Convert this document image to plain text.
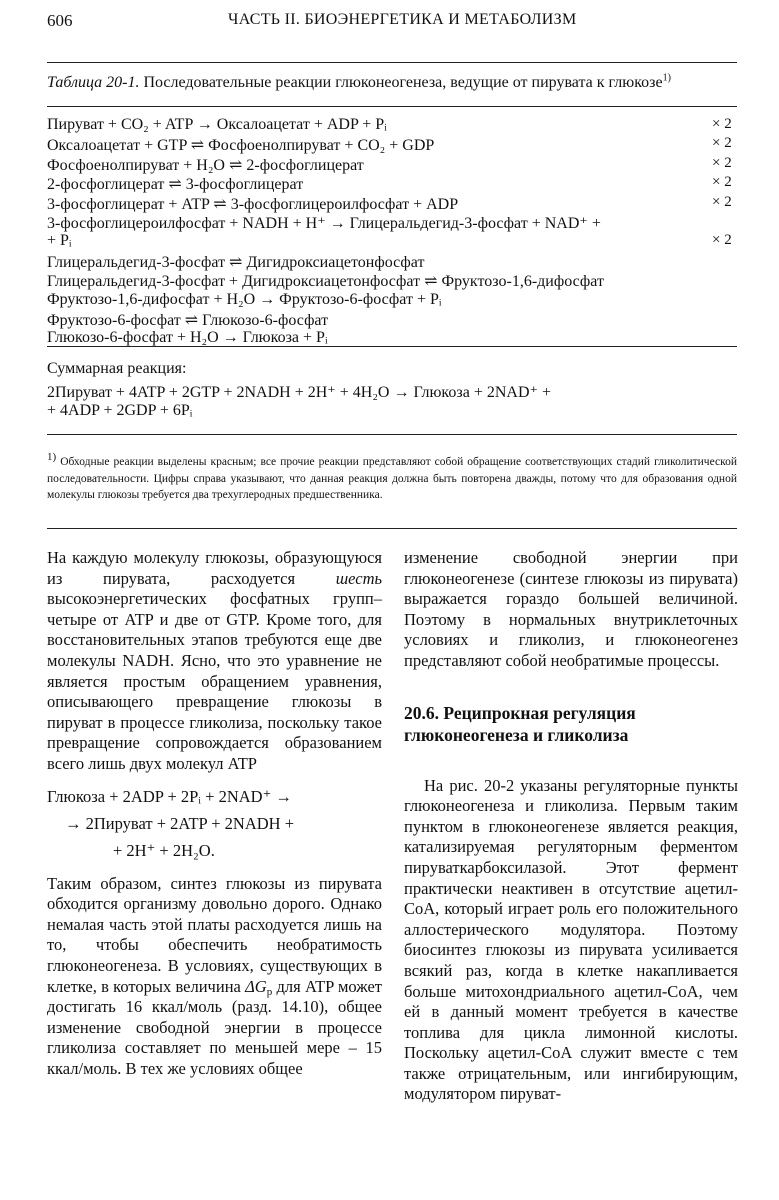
606	ЧАСТЬ II. БИОЭНЕРГЕТИКА И МЕТАБОЛИЗМ
Таблица 20-1. Последовательные реакции глюконеогенеза, ведущие от пирувата к глюкозе$^{1)}$
Пируват + CO₂ + ATP → Оксалоацетат + ADP + Pᵢ	× 2
Оксалоацетат + GTP ⇌ Фосфоенолпируват + CO₂ + GDP	× 2
Фосфоенолпируват + H₂O ⇌ 2-фосфоглицерат	× 2
2-фосфоглицерат ⇌ 3-фосфоглицерат	× 2
3-фосфоглицерат + ATP ⇌ 3-фосфоглицероилфосфат + ADP	× 2
3-фосфоглицероилфосфат + NADH + H⁺ → Глицеральдегид-3-фосфат + NAD⁺ +
+ Pᵢ	× 2
Глицеральдегид-3-фосфат ⇌ Дигидроксиацетонфосфат
Глицеральдегид-3-фосфат + Дигидроксиацетонфосфат ⇌ Фруктозо-1,6-дифосфат
Фруктозо-1,6-дифосфат + H₂O → Фруктозо-6-фосфат + Pᵢ
Фруктозо-6-фосфат ⇌ Глюкозо-6-фосфат
Глюкозо-6-фосфат + H₂O → Глюкоза + Pᵢ
Суммарная реакция:
2Пируват + 4ATP + 2GTP + 2NADH + 2H⁺ + 4H₂O → Глюкоза + 2NAD⁺ +
+ 4ADP + 2GDP + 6Pᵢ
$^{1)}$ Обходные реакции выделены красным; все прочие реакции представляют собой обращение соответствующих стадий гликолитической последовательности. Цифры справа указывают, что данная реакция должна быть повторена дважды, потому что для образования одной молекулы глюкозы требуется два трехуглеродных предшественника.

На каждую молекулу глюкозы, образующуюся из пирувата, расходуется шесть высокоэнергетических фосфатных групп–четыре от ATP и две от GTP. Кроме того, для восстановительных этапов требуются еще две молекулы NADH. Ясно, что это уравнение не является простым обращением уравнения, описывающего превращение глюкозы в пируват в процессе гликолиза, поскольку такое превращение сопровождается образованием всего лишь двух молекул ATP

Глюкоза + 2ADP + 2Pᵢ + 2NAD⁺ →
→ 2Пируват + 2ATP + 2NADH +
+ 2H⁺ + 2H₂O.

Таким образом, синтез глюкозы из пирувата обходится организму довольно дорого. Однако немалая часть этой платы расходуется лишь на то, чтобы обеспечить необратимость глюконеогенеза. В условиях, существующих в клетке, в которых величина $\Delta G_p$ для ATP может достигать 16 ккал/моль (разд. 14.10), общее изменение свободной энергии в процессе гликолиза составляет по меньшей мере – 15 ккал/моль. В тех же условиях общее

изменение свободной энергии при глюконеогенезе (синтезе глюкозы из пирувата) выражается гораздо большей величиной. Поэтому в нормальных внутриклеточных условиях и гликолиз, и глюконеогенез представляют собой необратимые процессы.

20.6. Реципрокная регуляция глюконеогенеза и гликолиза

На рис. 20-2 указаны регуляторные пункты глюконеогенеза и гликолиза. Первым таким пунктом в глюконеогенезе является реакция, катализируемая регуляторным ферментом пируваткарбоксилазой. Этот фермент практически неактивен в отсутствие ацетил-CoA, который играет роль его положительного аллостерического модулятора. Поэтому биосинтез глюкозы из пирувата усиливается всякий раз, когда в клетке накапливается больше митохондриального ацетил-CoA, чем ей в данный момент требуется в качестве топлива для цикла лимонной кислоты. Поскольку ацетил-CoA служит вместе с тем также отрицательным, или ингибирующим, модулятором пируват-
